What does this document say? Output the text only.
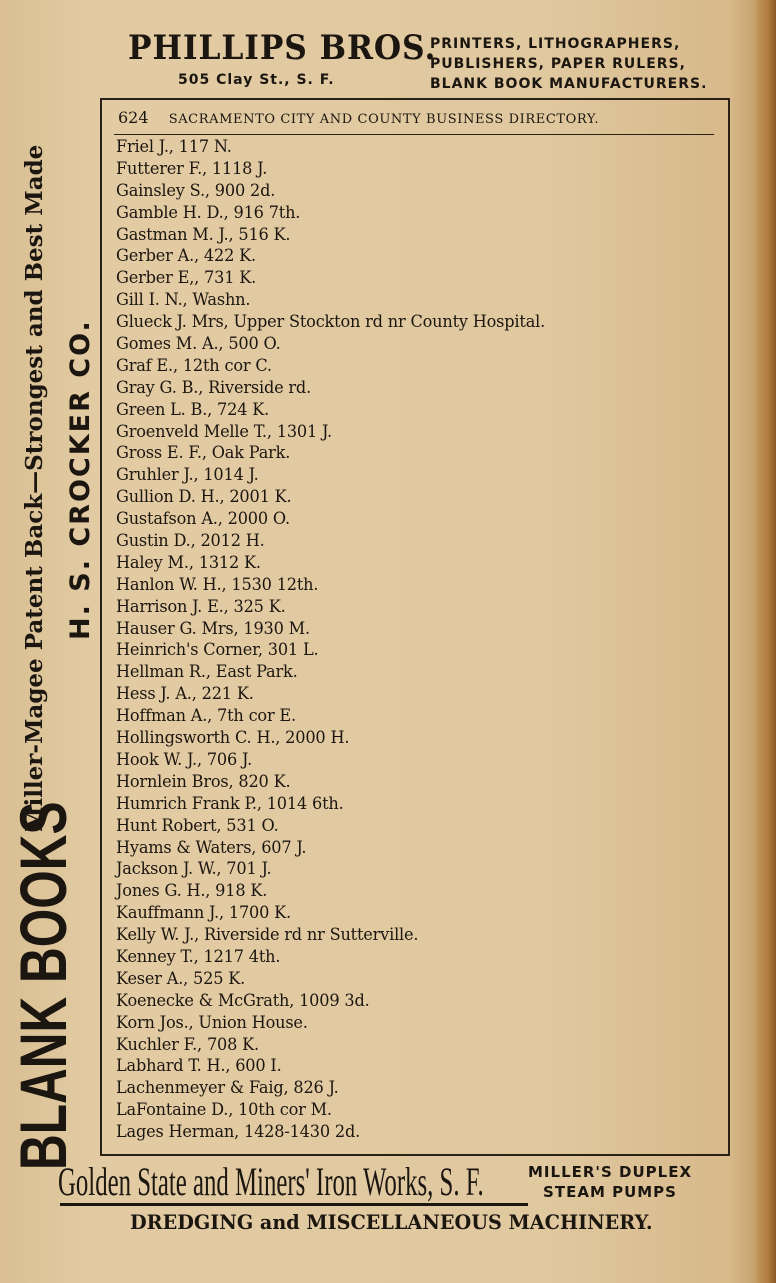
PHILLIPS BROS.
505 Clay St., S. F.
PRINTERS, LITHOGRAPHERS,
PUBLISHERS, PAPER RULERS,
BLANK BOOK MANUFACTURERS.
BLANK BOOKS
Miller-Magee Patent Back—Strongest and Best Made H. S. CROCKER CO.
624 SACRAMENTO CITY AND COUNTY BUSINESS DIRECTORY.
Friel J., 117 N.
Futterer F., 1118 J.
Gainsley S., 900 2d.
Gamble H. D., 916 7th.
Gastman M. J., 516 K.
Gerber A., 422 K.
Gerber E,, 731 K.
Gill I. N., Washn.
Glueck J. Mrs, Upper Stockton rd nr County Hospital.
Gomes M. A., 500 O.
Graf E., 12th cor C.
Gray G. B., Riverside rd.
Green L. B., 724 K.
Groenveld Melle T., 1301 J.
Gross E. F., Oak Park.
Gruhler J., 1014 J.
Gullion D. H., 2001 K.
Gustafson A., 2000 O.
Gustin D., 2012 H.
Haley M., 1312 K.
Hanlon W. H., 1530 12th.
Harrison J. E., 325 K.
Hauser G. Mrs, 1930 M.
Heinrich's Corner, 301 L.
Hellman R., East Park.
Hess J. A., 221 K.
Hoffman A., 7th cor E.
Hollingsworth C. H., 2000 H.
Hook W. J., 706 J.
Hornlein Bros, 820 K.
Humrich Frank P., 1014 6th.
Hunt Robert, 531 O.
Hyams & Waters, 607 J.
Jackson J. W., 701 J.
Jones G. H., 918 K.
Kauffmann J., 1700 K.
Kelly W. J., Riverside rd nr Sutterville.
Kenney T., 1217 4th.
Keser A., 525 K.
Koenecke & McGrath, 1009 3d.
Korn Jos., Union House.
Kuchler F., 708 K.
Labhard T. H., 600 I.
Lachenmeyer & Faig, 826 J.
LaFontaine D., 10th cor M.
Lages Herman, 1428-1430 2d.
Golden State and Miners' Iron Works, S. F.	MILLER'S DUPLEX
STEAM PUMPS
DREDGING and MISCELLANEOUS MACHINERY.
